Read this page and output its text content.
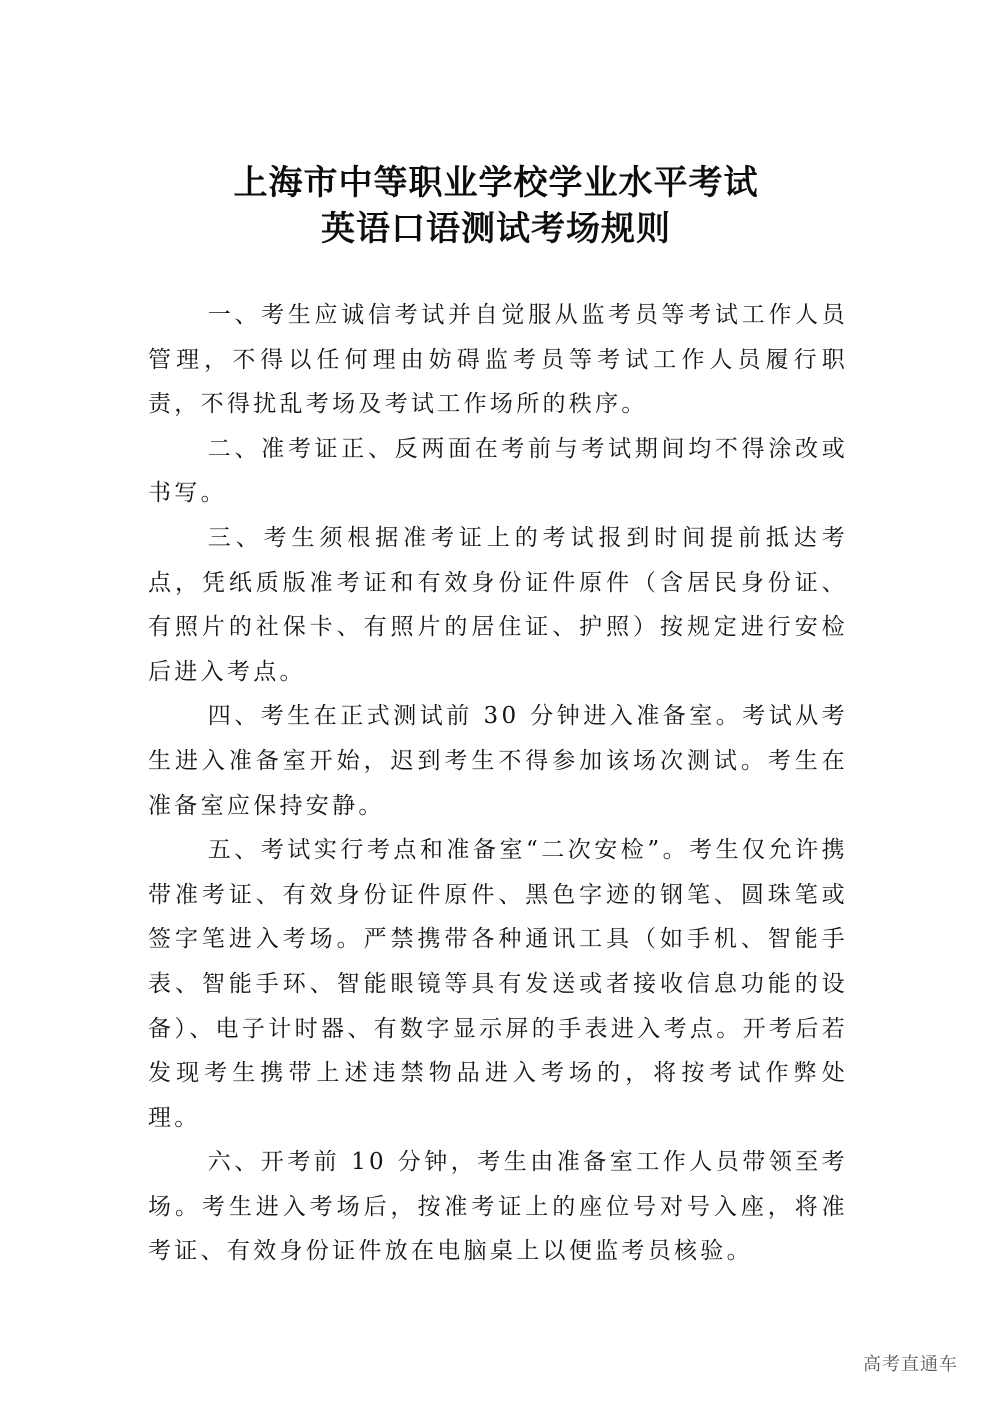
上海市中等职业学校学业水平考试
英语口语测试考场规则

一、考生应诚信考试并自觉服从监考员等考试工作人员管理，不得以任何理由妨碍监考员等考试工作人员履行职责，不得扰乱考场及考试工作场所的秩序。

二、准考证正、反两面在考前与考试期间均不得涂改或书写。

三、考生须根据准考证上的考试报到时间提前抵达考点，凭纸质版准考证和有效身份证件原件（含居民身份证、有照片的社保卡、有照片的居住证、护照）按规定进行安检后进入考点。

四、考生在正式测试前 30 分钟进入准备室。考试从考生进入准备室开始，迟到考生不得参加该场次测试。考生在准备室应保持安静。

五、考试实行考点和准备室“二次安检”。考生仅允许携带准考证、有效身份证件原件、黑色字迹的钢笔、圆珠笔或签字笔进入考场。严禁携带各种通讯工具（如手机、智能手表、智能手环、智能眼镜等具有发送或者接收信息功能的设备）、电子计时器、有数字显示屏的手表进入考点。开考后若发现考生携带上述违禁物品进入考场的，将按考试作弊处理。

六、开考前 10 分钟，考生由准备室工作人员带领至考场。考生进入考场后，按准考证上的座位号对号入座，将准考证、有效身份证件放在电脑桌上以便监考员核验。

高考直通车
